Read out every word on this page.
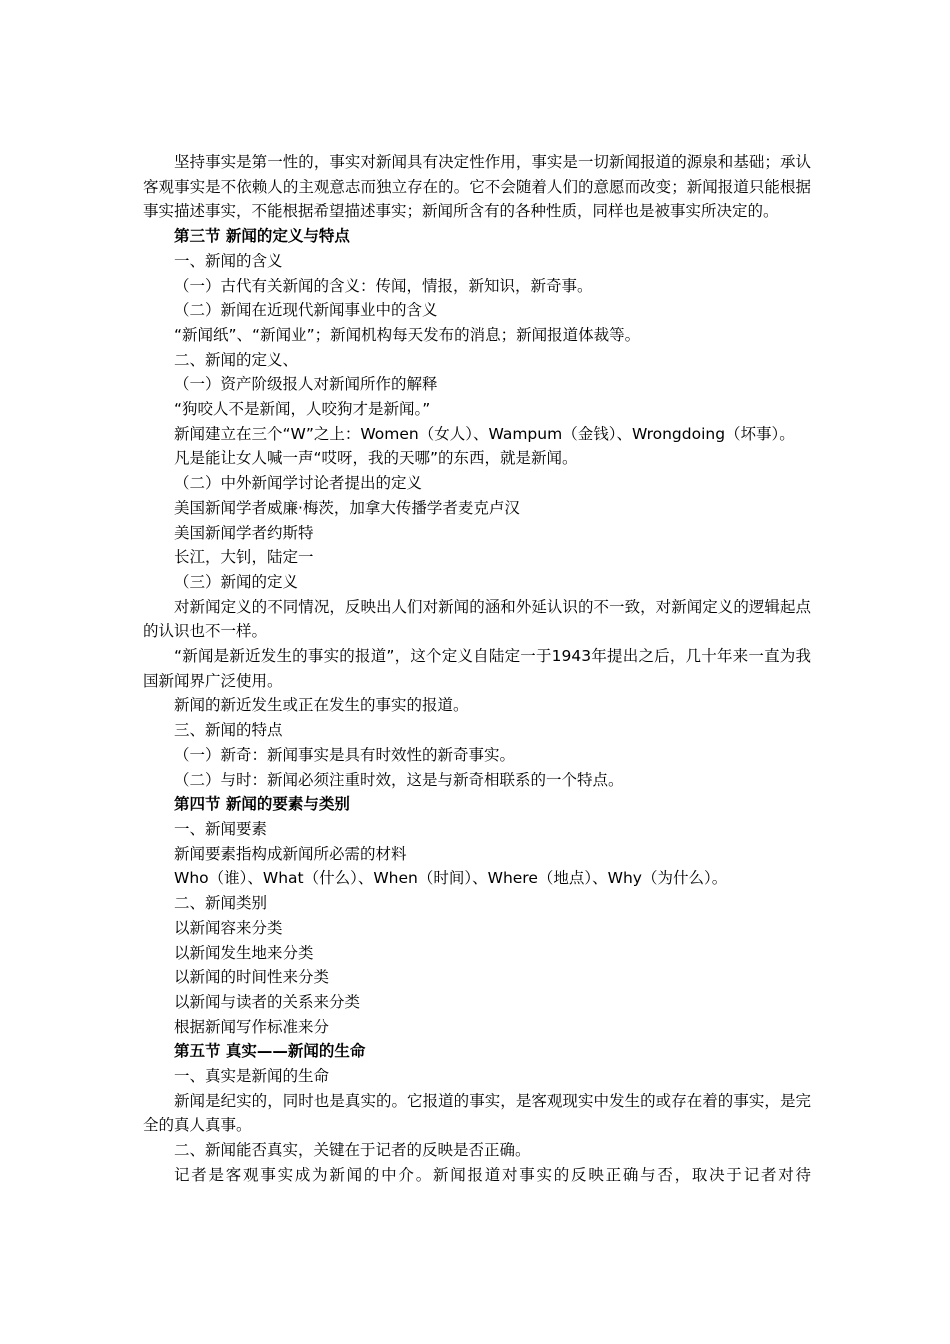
坚持事实是第一性的，事实对新闻具有决定性作用，事实是一切新闻报道的源泉和基础；承认客观事实是不依赖人的主观意志而独立存在的。它不会随着人们的意愿而改变；新闻报道只能根据事实描述事实，不能根据希望描述事实；新闻所含有的各种性质，同样也是被事实所决定的。

第三节 新闻的定义与特点

一、新闻的含义

（一）古代有关新闻的含义：传闻，情报，新知识，新奇事。

（二）新闻在近现代新闻事业中的含义

“新闻纸”、“新闻业”；新闻机构每天发布的消息；新闻报道体裁等。

二、新闻的定义、

（一）资产阶级报人对新闻所作的解释

“狗咬人不是新闻，人咬狗才是新闻。”

新闻建立在三个“W”之上：Women（女人）、Wampum（金钱）、Wrongdoing（坏事）。

凡是能让女人喊一声“哎呀，我的天哪”的东西，就是新闻。

（二）中外新闻学讨论者提出的定义

美国新闻学者威廉·梅茨，加拿大传播学者麦克卢汉

美国新闻学者约斯特

长江，大钊，陆定一

（三）新闻的定义

对新闻定义的不同情况，反映出人们对新闻的涵和外延认识的不一致，对新闻定义的逻辑起点的认识也不一样。

“新闻是新近发生的事实的报道”，这个定义自陆定一于1943年提出之后，几十年来一直为我国新闻界广泛使用。

新闻的新近发生或正在发生的事实的报道。

三、新闻的特点

（一）新奇：新闻事实是具有时效性的新奇事实。

（二）与时：新闻必须注重时效，这是与新奇相联系的一个特点。

第四节 新闻的要素与类别

一、新闻要素

新闻要素指构成新闻所必需的材料

Who（谁）、What（什么）、When（时间）、Where（地点）、Why（为什么）。

二、新闻类别

以新闻容来分类

以新闻发生地来分类

以新闻的时间性来分类

以新闻与读者的关系来分类

根据新闻写作标准来分

第五节 真实——新闻的生命

一、真实是新闻的生命

新闻是纪实的，同时也是真实的。它报道的事实，是客观现实中发生的或存在着的事实，是完全的真人真事。

二、新闻能否真实，关键在于记者的反映是否正确。

记者是客观事实成为新闻的中介。新闻报道对事实的反映正确与否，取决于记者对待
